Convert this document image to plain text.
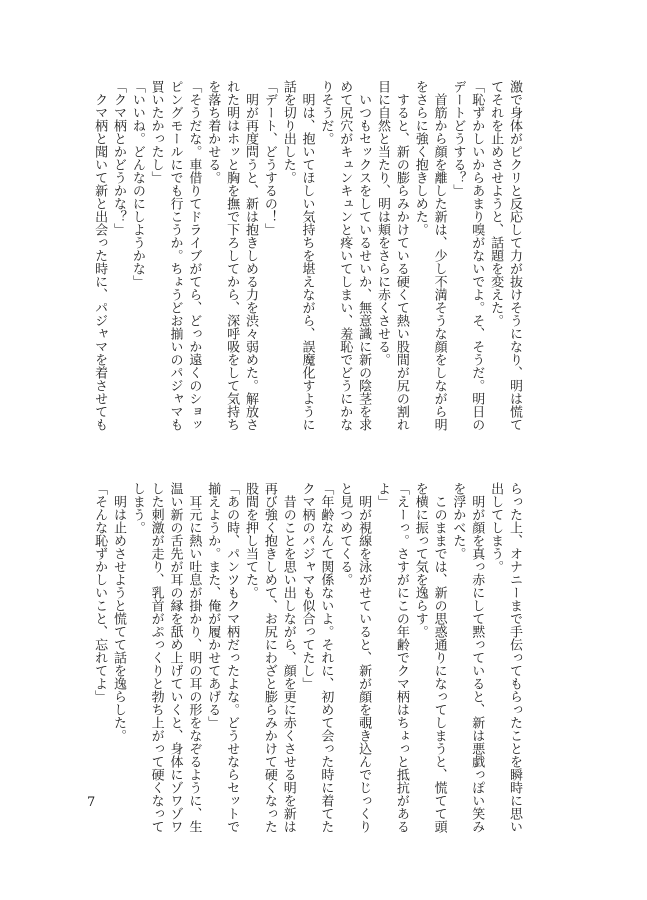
激で身体がピクリと反応して力が抜けそうになり、明は慌て
てそれを止めさせようと、話題を変えた。
「恥ずかしいからあまり嗅がないでよ。そ、そうだ。明日の
デートどうする？」
　首筋から顔を離した新は、少し不満そうな顔をしながら明
をさらに強く抱きしめた。
　すると、新の膨らみかけている硬くて熱い股間が尻の割れ
目に自然と当たり、明は頬をさらに赤くさせる。
　いつもセックスをしているせいか、無意識に新の陰茎を求
めて尻穴がキュンキュンと疼いてしまい、羞恥でどうにかな
りそうだ。
　明は、抱いてほしい気持ちを堪えながら、誤魔化すように
話を切り出した。
「デート、どうするの！」
　明が再度問うと、新は抱きしめる力を渋々弱めた。解放さ
れた明はホッと胸を撫で下ろしてから、深呼吸をして気持ち
を落ち着かせる。
「そうだな。車借りてドライブがてら、どっか遠くのショッ
ピングモールにでも行こうか。ちょうどお揃いのパジャマも
買いたかったし」
「いいね。どんなのにしようかな」
「クマ柄とかどうかな？」
　クマ柄と聞いて新と出会った時に、パジャマを着させても
らった上、オナニーまで手伝ってもらったことを瞬時に思い
出してしまう。
　明が顔を真っ赤にして黙っていると、新は悪戯っぽい笑み
を浮かべた。
　このままでは、新の思惑通りになってしまうと、慌てて頭
を横に振って気を逸らす。
「えーっ。さすがにこの年齢でクマ柄はちょっと抵抗がある
よ」
　明が視線を泳がせていると、新が顔を覗き込んでじっくり
と見つめてくる。
「年齢なんて関係ないよ。それに、初めて会った時に着てた
クマ柄のパジャマも似合ってたし」
　昔のことを思い出しながら、顔を更に赤くさせる明を新は
再び強く抱きしめて、お尻にわざと膨らみかけて硬くなった
股間を押し当てた。
「あの時、パンツもクマ柄だったよな。どうせならセットで
揃えようか。また、俺が履かせてあげる」
　耳元に熱い吐息が掛かり、明の耳の形をなぞるように、生
温い新の舌先が耳の縁を舐め上げていくと、身体にゾワゾワ
した刺激が走り、乳首がぷっくりと勃ち上がって硬くなって
しまう。
　明は止めさせようと慌てて話を逸らした。
「そんな恥ずかしいこと、忘れてよ」
7
